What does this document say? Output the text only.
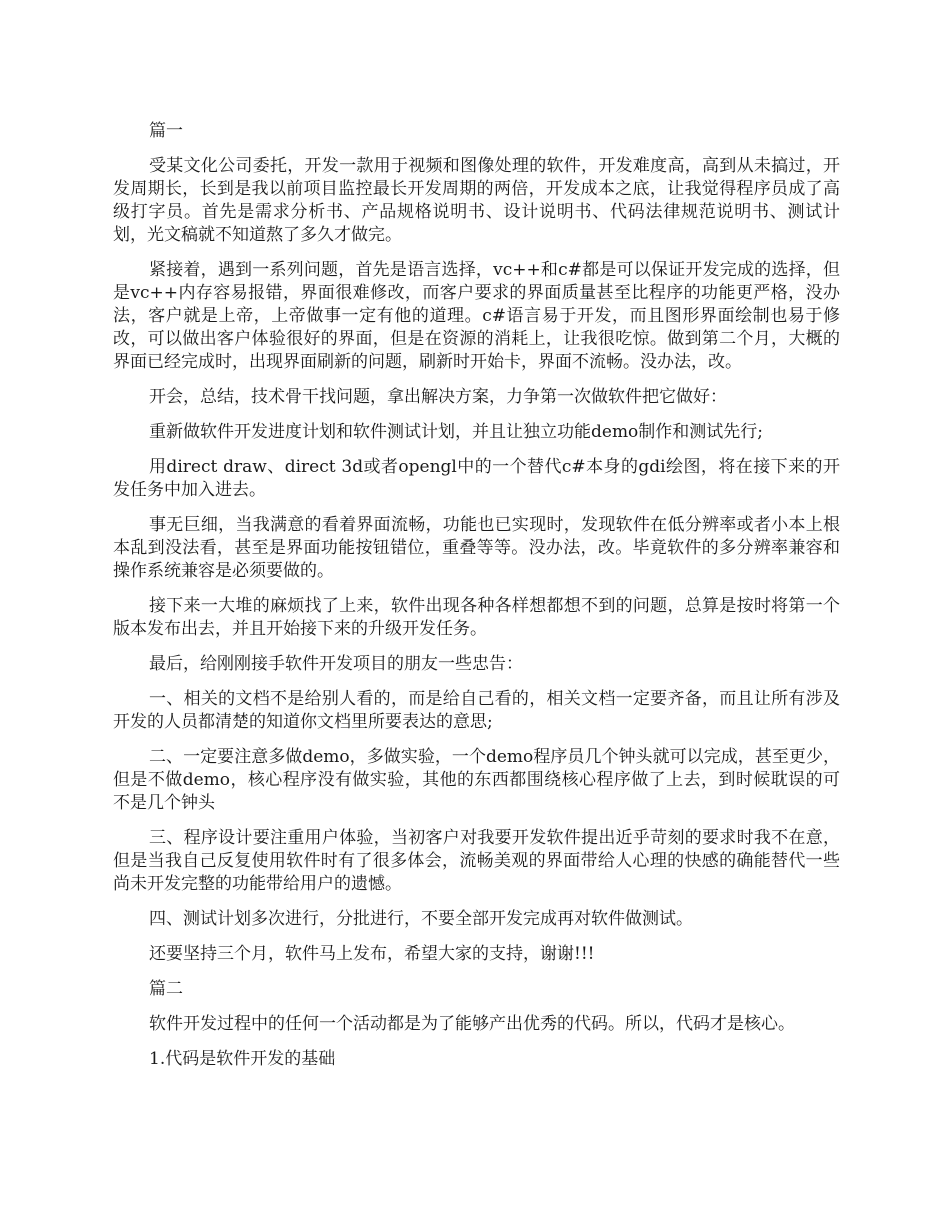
篇一

受某文化公司委托，开发一款用于视频和图像处理的软件，开发难度高，高到从未搞过，开发周期长，长到是我以前项目监控最长开发周期的两倍，开发成本之底，让我觉得程序员成了高级打字员。首先是需求分析书、产品规格说明书、设计说明书、代码法律规范说明书、测试计划，光文稿就不知道熬了多久才做完。

紧接着，遇到一系列问题，首先是语言选择，vc++和c#都是可以保证开发完成的选择，但是vc++内存容易报错，界面很难修改，而客户要求的界面质量甚至比程序的功能更严格，没办法，客户就是上帝，上帝做事一定有他的道理。c#语言易于开发，而且图形界面绘制也易于修改，可以做出客户体验很好的界面，但是在资源的消耗上，让我很吃惊。做到第二个月，大概的界面已经完成时，出现界面刷新的问题，刷新时开始卡，界面不流畅。没办法，改。

开会，总结，技术骨干找问题，拿出解决方案，力争第一次做软件把它做好：

重新做软件开发进度计划和软件测试计划，并且让独立功能demo制作和测试先行;

用direct draw、direct 3d或者opengl中的一个替代c#本身的gdi绘图，将在接下来的开发任务中加入进去。

事无巨细，当我满意的看着界面流畅，功能也已实现时，发现软件在低分辨率或者小本上根本乱到没法看，甚至是界面功能按钮错位，重叠等等。没办法，改。毕竟软件的多分辨率兼容和操作系统兼容是必须要做的。

接下来一大堆的麻烦找了上来，软件出现各种各样想都想不到的问题，总算是按时将第一个版本发布出去，并且开始接下来的升级开发任务。

最后，给刚刚接手软件开发项目的朋友一些忠告：

一、相关的文档不是给别人看的，而是给自己看的，相关文档一定要齐备，而且让所有涉及开发的人员都清楚的知道你文档里所要表达的意思;

二、一定要注意多做demo，多做实验，一个demo程序员几个钟头就可以完成，甚至更少，但是不做demo，核心程序没有做实验，其他的东西都围绕核心程序做了上去，到时候耽误的可不是几个钟头

三、程序设计要注重用户体验，当初客户对我要开发软件提出近乎苛刻的要求时我不在意，但是当我自己反复使用软件时有了很多体会，流畅美观的界面带给人心理的快感的确能替代一些尚未开发完整的功能带给用户的遗憾。

四、测试计划多次进行，分批进行，不要全部开发完成再对软件做测试。

还要坚持三个月，软件马上发布，希望大家的支持，谢谢!!!

篇二

软件开发过程中的任何一个活动都是为了能够产出优秀的代码。所以，代码才是核心。

1.代码是软件开发的基础
